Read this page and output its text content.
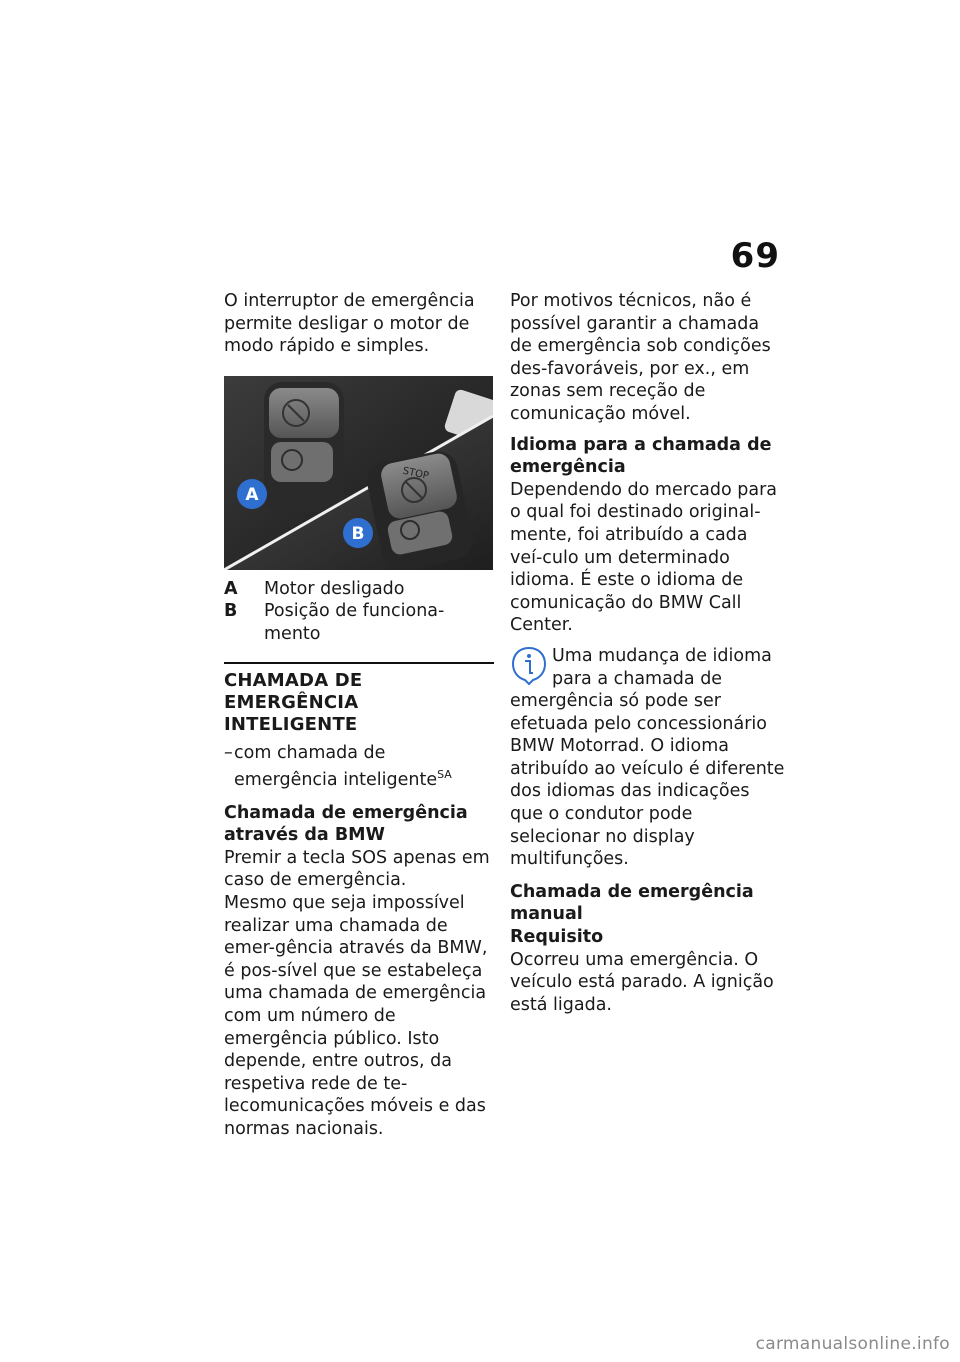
69

O interruptor de emergência permite desligar o motor de modo rápido e simples.

STOP
A
B
A	Motor desligado
B	Posição de funciona-mento
CHAMADA DE EMERGÊNCIA INTELIGENTE
– com chamada de emergência inteligente$^{SA}$

Chamada de emergência através da BMW

Premir a tecla SOS apenas em caso de emergência.

Mesmo que seja impossível realizar uma chamada de emer-gência através da BMW, é pos-sível que se estabeleça uma chamada de emergência com um número de emergência público. Isto depende, entre outros, da respetiva rede de te-lecomunicações móveis e das normas nacionais.

Por motivos técnicos, não é possível garantir a chamada de emergência sob condições des-favoráveis, por ex., em zonas sem receção de comunicação móvel.

Idioma para a chamada de emergência

Dependendo do mercado para o qual foi destinado original-mente, foi atribuído a cada veí-culo um determinado idioma. É este o idioma de comunicação do BMW Call Center.

Uma mudança de idioma para a chamada de

emergência só pode ser efetuada pelo concessionário BMW Motorrad. O idioma atribuído ao veículo é diferente dos idiomas das indicações que o condutor pode selecionar no display multifunções.

Chamada de emergência manual

Requisito

Ocorreu uma emergência. O veículo está parado. A ignição está ligada.

carmanualsonline.info
